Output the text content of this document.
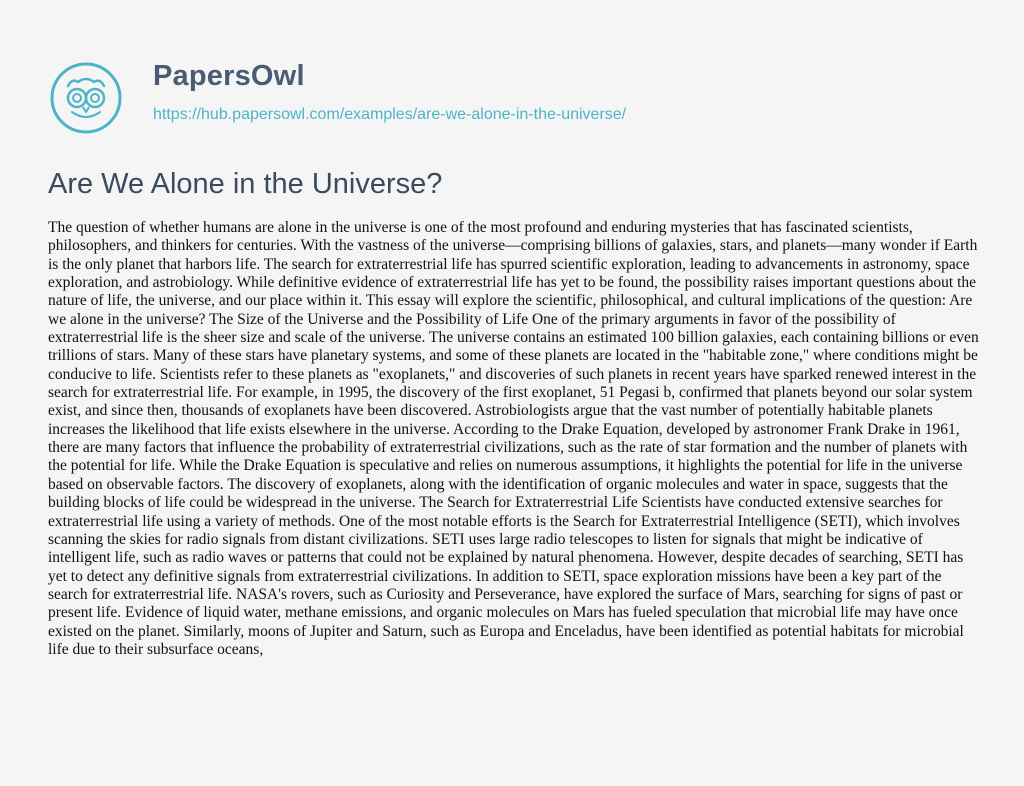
PapersOwl
https://hub.papersowl.com/examples/are-we-alone-in-the-universe/
Are We Alone in the Universe?

The question of whether humans are alone in the universe is one of the most profound and enduring mysteries that has fascinated scientists, philosophers, and thinkers for centuries. With the vastness of the universe—comprising billions of galaxies, stars, and planets—many wonder if Earth is the only planet that harbors life. The search for extraterrestrial life has spurred scientific exploration, leading to advancements in astronomy, space exploration, and astrobiology. While definitive evidence of extraterrestrial life has yet to be found, the possibility raises important questions about the nature of life, the universe, and our place within it. This essay will explore the scientific, philosophical, and cultural implications of the question: Are we alone in the universe? The Size of the Universe and the Possibility of Life One of the primary arguments in favor of the possibility of extraterrestrial life is the sheer size and scale of the universe. The universe contains an estimated 100 billion galaxies, each containing billions or even trillions of stars. Many of these stars have planetary systems, and some of these planets are located in the "habitable zone," where conditions might be conducive to life. Scientists refer to these planets as "exoplanets," and discoveries of such planets in recent years have sparked renewed interest in the search for extraterrestrial life. For example, in 1995, the discovery of the first exoplanet, 51 Pegasi b, confirmed that planets beyond our solar system exist, and since then, thousands of exoplanets have been discovered. Astrobiologists argue that the vast number of potentially habitable planets increases the likelihood that life exists elsewhere in the universe. According to the Drake Equation, developed by astronomer Frank Drake in 1961, there are many factors that influence the probability of extraterrestrial civilizations, such as the rate of star formation and the number of planets with the potential for life. While the Drake Equation is speculative and relies on numerous assumptions, it highlights the potential for life in the universe based on observable factors. The discovery of exoplanets, along with the identification of organic molecules and water in space, suggests that the building blocks of life could be widespread in the universe. The Search for Extraterrestrial Life Scientists have conducted extensive searches for extraterrestrial life using a variety of methods. One of the most notable efforts is the Search for Extraterrestrial Intelligence (SETI), which involves scanning the skies for radio signals from distant civilizations. SETI uses large radio telescopes to listen for signals that might be indicative of intelligent life, such as radio waves or patterns that could not be explained by natural phenomena. However, despite decades of searching, SETI has yet to detect any definitive signals from extraterrestrial civilizations. In addition to SETI, space exploration missions have been a key part of the search for extraterrestrial life. NASA's rovers, such as Curiosity and Perseverance, have explored the surface of Mars, searching for signs of past or present life. Evidence of liquid water, methane emissions, and organic molecules on Mars has fueled speculation that microbial life may have once existed on the planet. Similarly, moons of Jupiter and Saturn, such as Europa and Enceladus, have been identified as potential habitats for microbial life due to their subsurface oceans,
